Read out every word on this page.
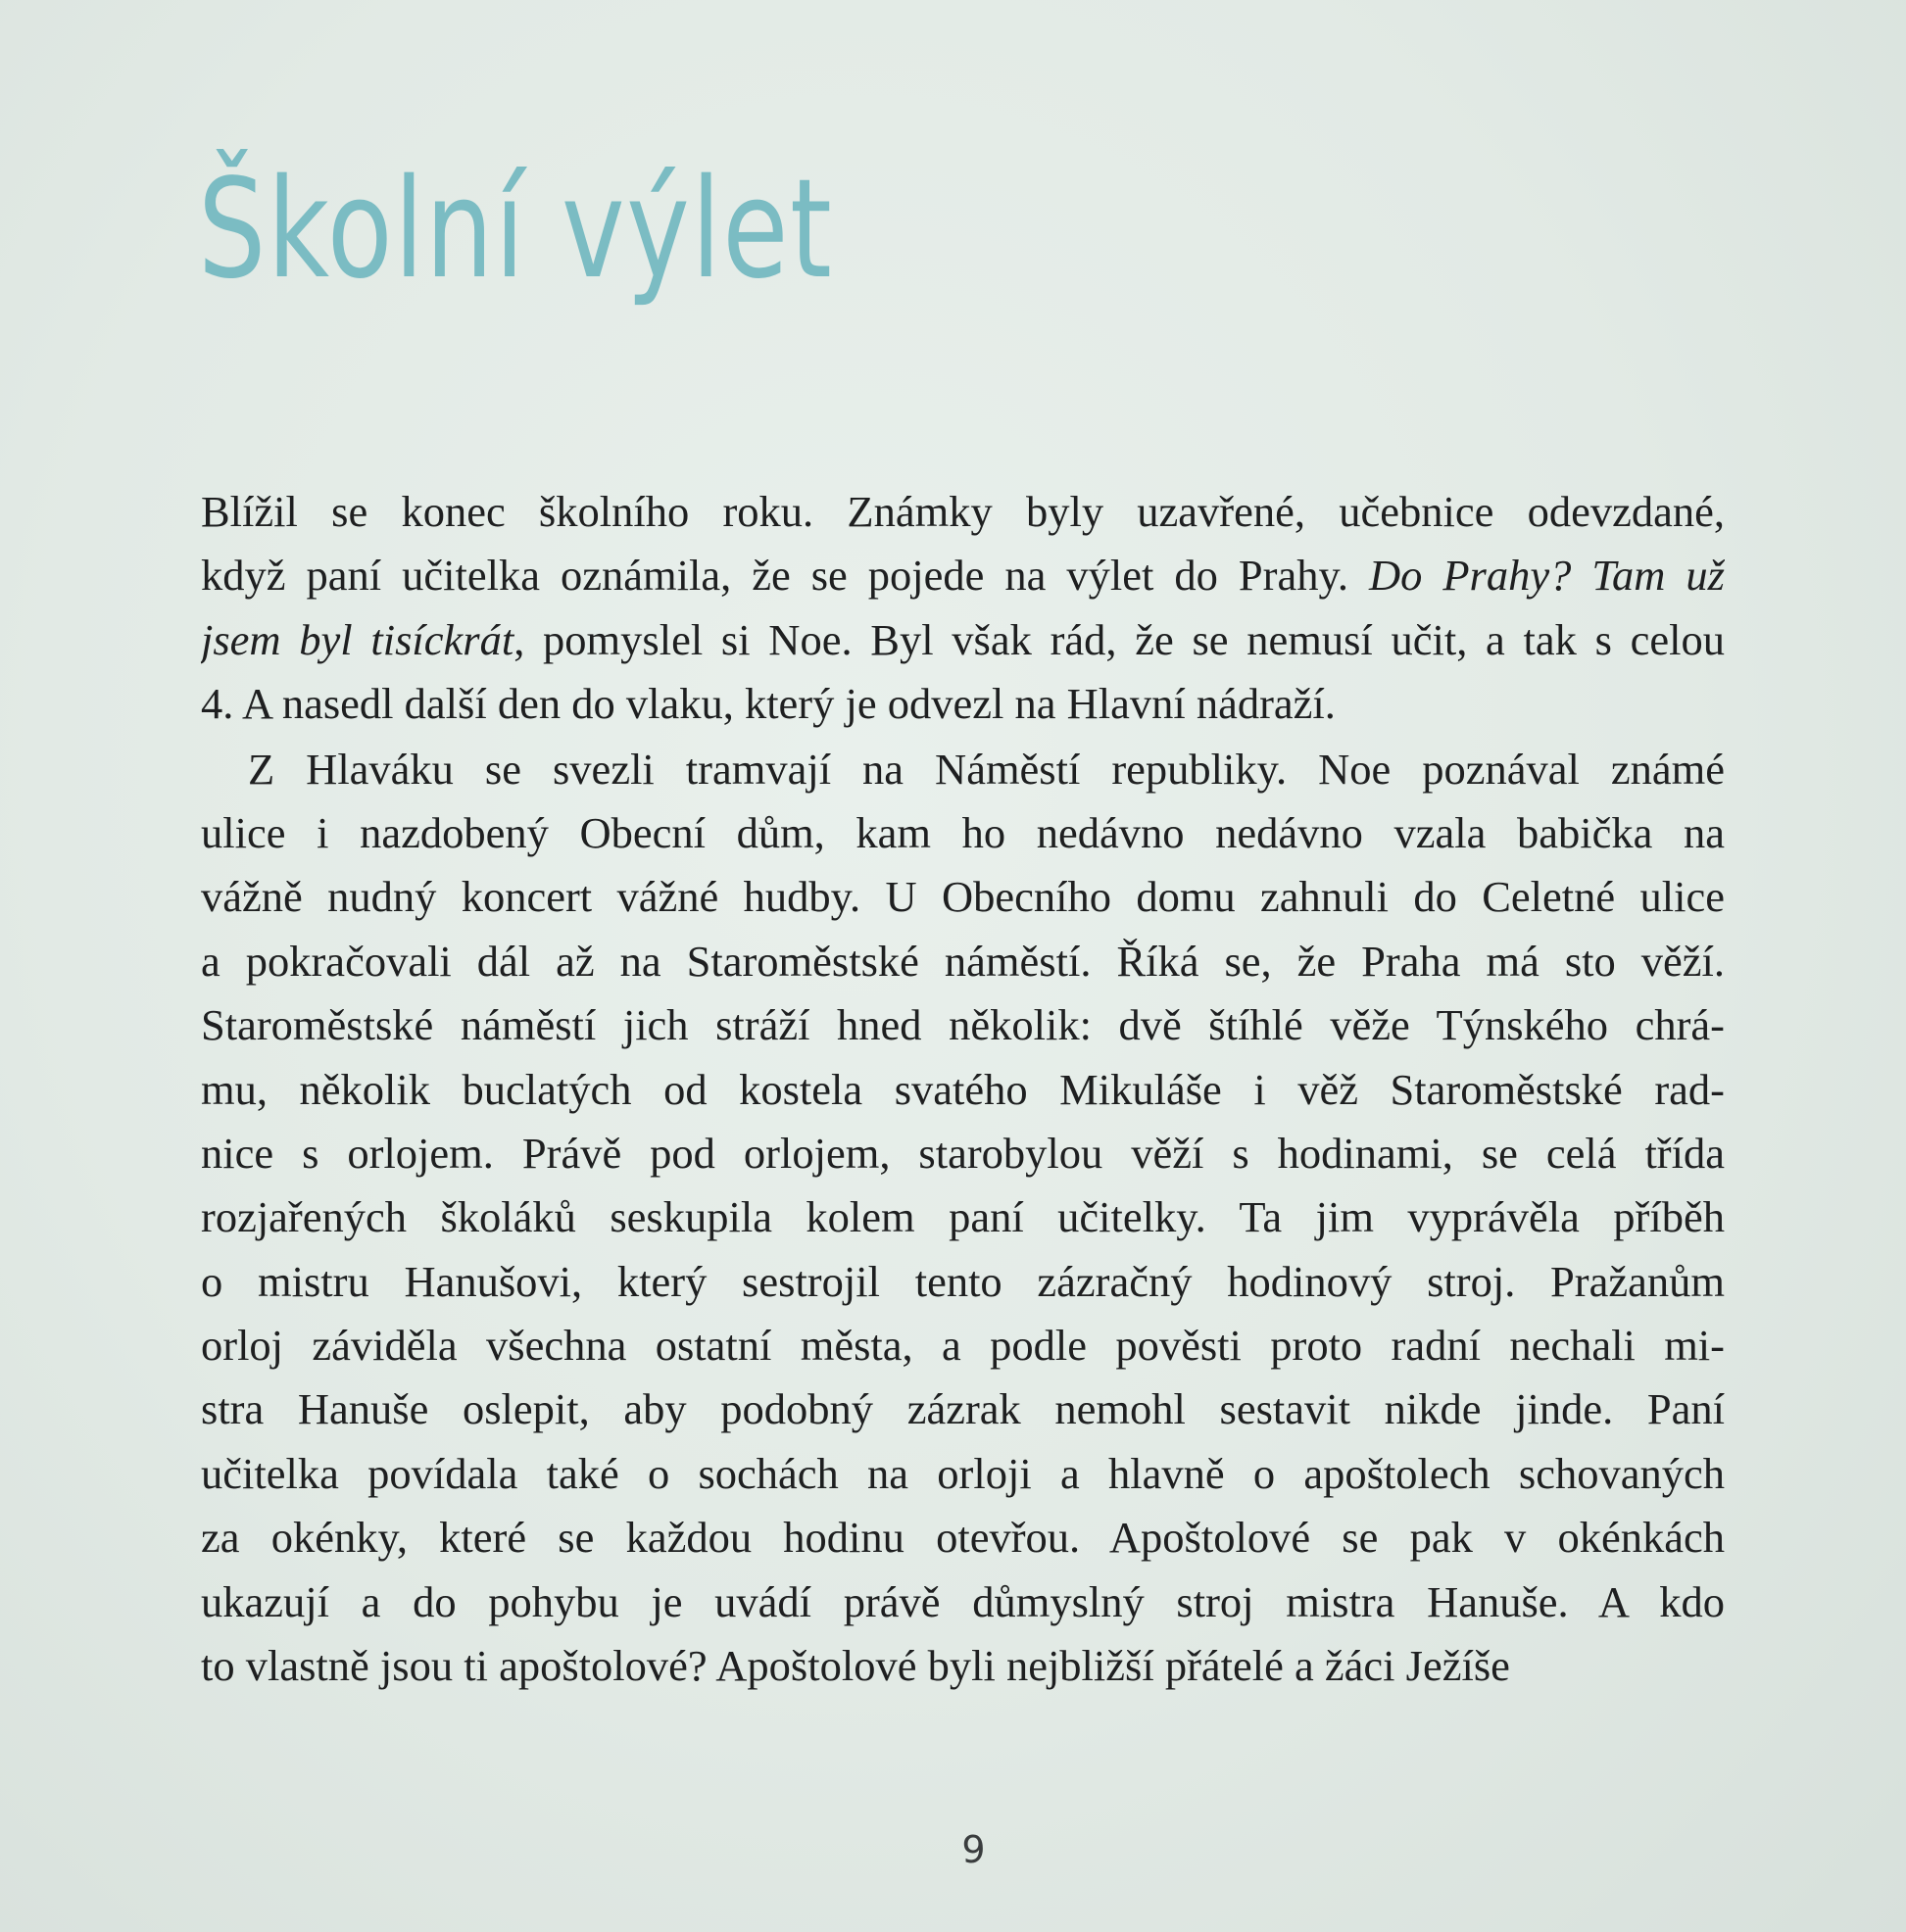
Školní výlet
Blížil se konec školního roku. Známky byly uzavřené, učebnice odevzdané,
když paní učitelka oznámila, že se pojede na výlet do Prahy. Do Prahy? Tam už
jsem byl tisíckrát, pomyslel si Noe. Byl však rád, že se nemusí učit, a tak s celou
4. A nasedl další den do vlaku, který je odvezl na Hlavní nádraží.
Z Hlaváku se svezli tramvají na Náměstí republiky. Noe poznával známé
ulice i nazdobený Obecní dům, kam ho nedávno nedávno vzala babička na
vážně nudný koncert vážné hudby. U Obecního domu zahnuli do Celetné ulice
a pokračovali dál až na Staroměstské náměstí. Říká se, že Praha má sto věží.
Staroměstské náměstí jich stráží hned několik: dvě štíhlé věže Týnského chrá-
mu, několik buclatých od kostela svatého Mikuláše i věž Staroměstské rad-
nice s orlojem. Právě pod orlojem, starobylou věží s hodinami, se celá třída
rozjařených školáků seskupila kolem paní učitelky. Ta jim vyprávěla příběh
o mistru Hanušovi, který sestrojil tento zázračný hodinový stroj. Pražanům
orloj záviděla všechna ostatní města, a podle pověsti proto radní nechali mi-
stra Hanuše oslepit, aby podobný zázrak nemohl sestavit nikde jinde. Paní
učitelka povídala také o sochách na orloji a hlavně o apoštolech schovaných
za okénky, které se každou hodinu otevřou. Apoštolové se pak v okénkách
ukazují a do pohybu je uvádí právě důmyslný stroj mistra Hanuše. A kdo
to vlastně jsou ti apoštolové? Apoštolové byli nejbližší přátelé a žáci Ježíše
9
